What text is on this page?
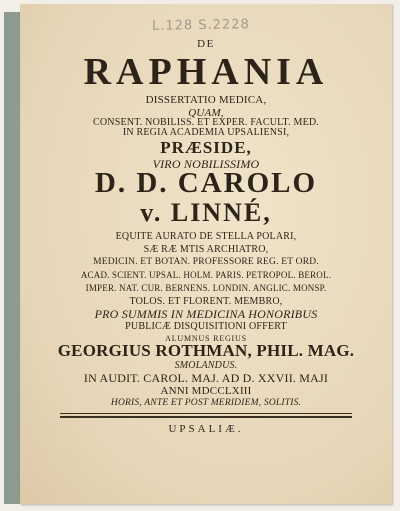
L.128 S.2228
DE
RAPHANIA
DISSERTATIO MEDICA,
QUAM,
CONSENT. NOBILISS. ET EXPER. FACULT. MED.
IN REGIA ACADEMIA UPSALIENSI,
PRÆSIDE,
VIRO NOBILISSIMO
D. D. CAROLO
v. LINNÉ,
EQUITE AURATO DE STELLA POLARI,
SÆ RÆ MTIS ARCHIATRO,
MEDICIN. ET BOTAN. PROFESSORE REG. ET ORD.
ACAD. SCIENT. UPSAL. HOLM. PARIS. PETROPOL. BEROL.
IMPER. NAT. CUR. BERNENS. LONDIN. ANGLIC. MONSP.
TOLOS. ET FLORENT. MEMBRO,
PRO SUMMIS IN MEDICINA HONORIBUS
PUBLICÆ DISQUISITIONI OFFERT
ALUMNUS REGIUS
GEORGIUS ROTHMAN, PHIL. MAG.
SMOLANDUS.
IN AUDIT. CAROL. MAJ. AD D. XXVII. MAJI
ANNI MDCCLXIII
HORIS, ANTE ET POST MERIDIEM, SOLITIS.
UPSALIÆ.
